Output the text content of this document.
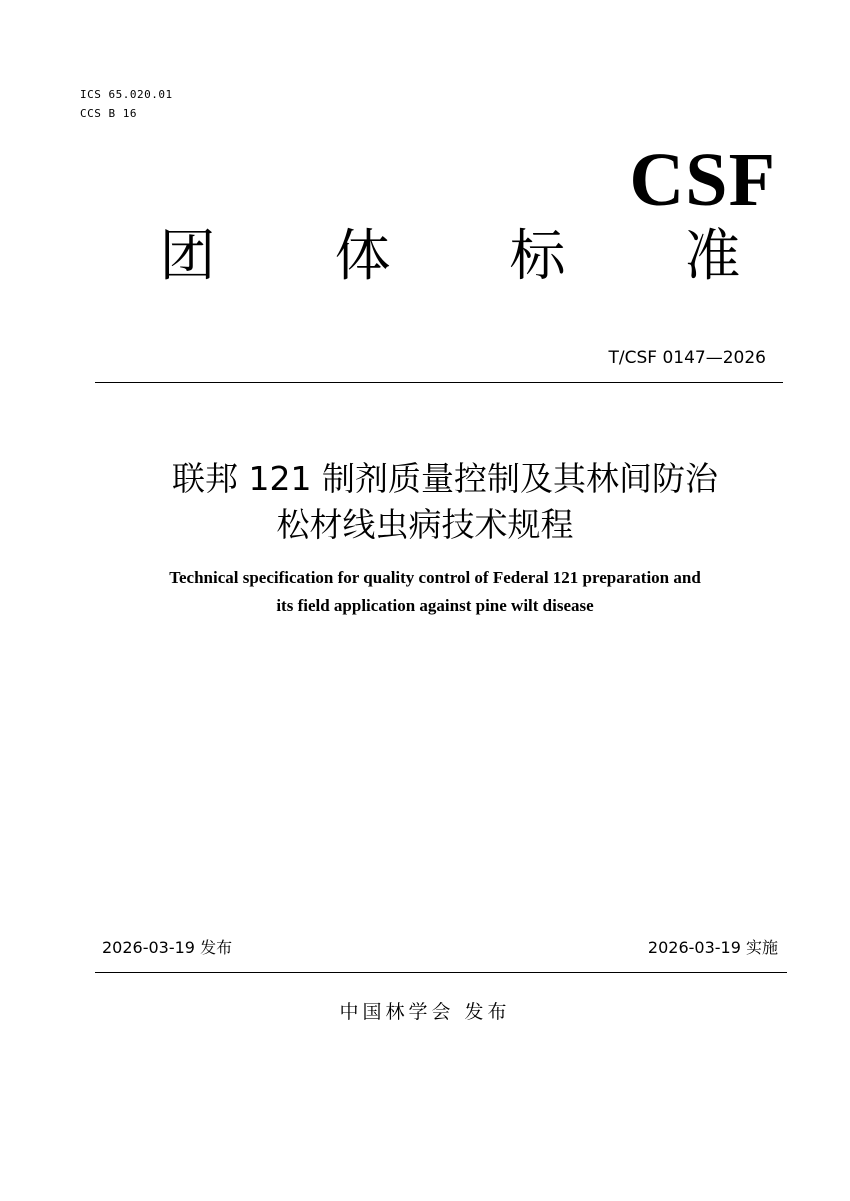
ICS 65.020.01
CCS B 16
CSF
团 体 标 准
T/CSF 0147—2026
联邦 121 制剂质量控制及其林间防治
松材线虫病技术规程
Technical specification for quality control of Federal 121 preparation and
its field application against pine wilt disease
2026-03-19 发布	2026-03-19 实施
中国林学会 发布
